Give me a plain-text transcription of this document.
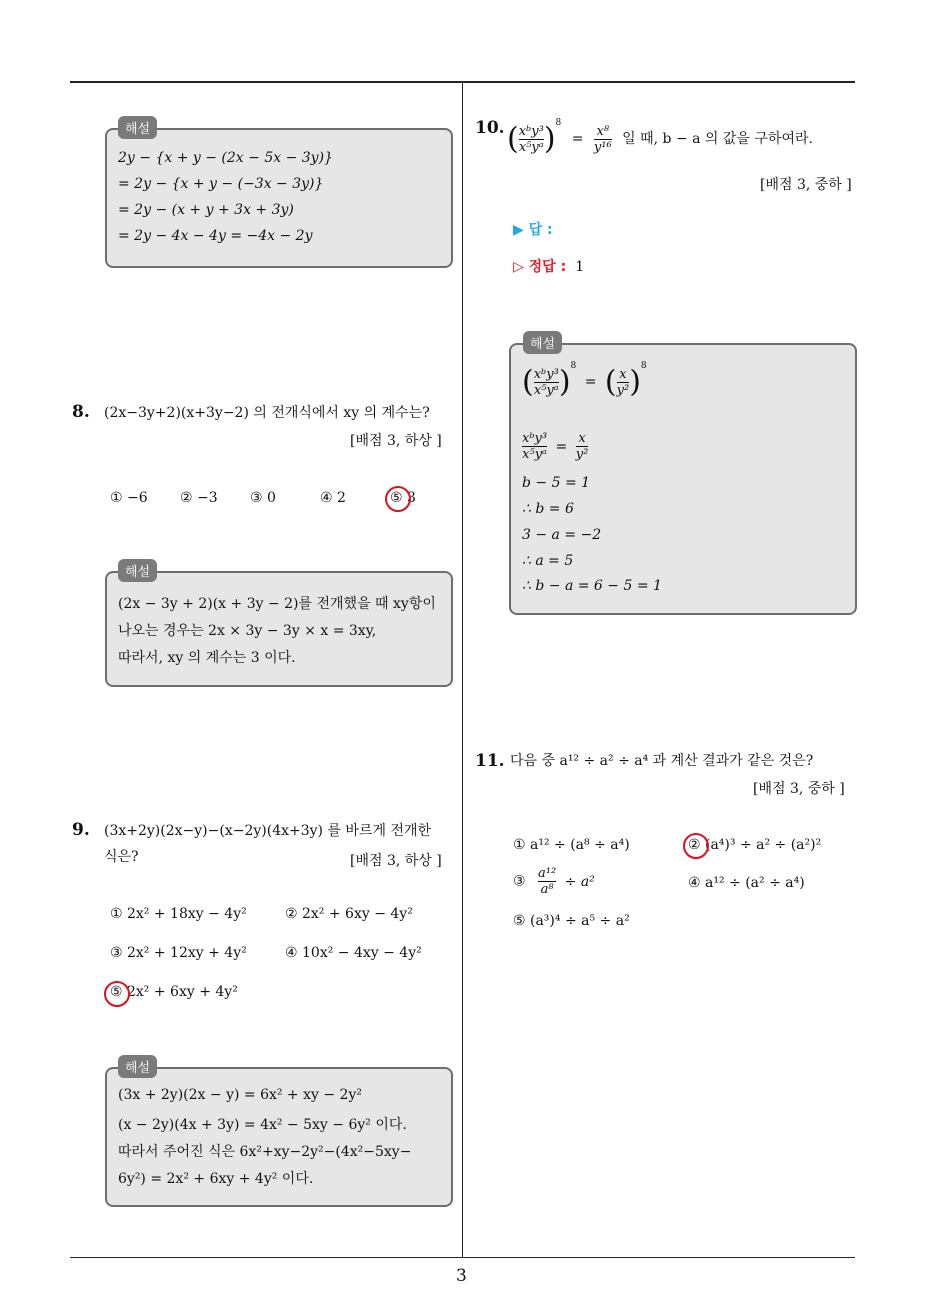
3
2y − {x + y − (2x − 5x − 3y)}
= 2y − {x + y − (−3x − 3y)}
= 2y − (x + y + 3x + 3y)
= 2y − 4x − 4y = −4x − 2y
해설
8. (2x−3y+2)(x+3y−2) 의 전개식에서 xy 의 계수는?
[배점 3, 하상 ]
① −6 ② −3 ③ 0	④ 2	⑤ 3
(2x − 3y + 2)(x + 3y − 2)를 전개했을 때 xy항이
나오는 경우는 2x × 3y − 3y × x = 3xy,
따라서, xy 의 계수는 3 이다.
해설
9. (3x+2y)(2x−y)−(x−2y)(4x+3y) 를 바르게 전개한
식은?	[배점 3, 하상 ]
① 2x² + 18xy − 4y²	② 2x² + 6xy − 4y²
③ 2x² + 12xy + 4y²	④ 10x² − 4xy − 4y²
⑤ 2x² + 6xy + 4y²
(3x + 2y)(2x − y) = 6x² + xy − 2y²
(x − 2y)(4x + 3y) = 4x² − 5xy − 6y² 이다.
따라서 주어진 식은 6x²+xy−2y²−(4x²−5xy−
6y²) = 2x² + 6xy + 4y² 이다.
해설
10. ( $\frac{\text{xᵇy³}}{\text{x⁵yᵃ}} )^8 = \frac{\text{x⁸}}{\text{y¹⁶}}$ 일 때, b − a 의 값을 구하여라.
[배점 3, 중하 ]
▶ 답 :
▷ 정답 : 1
( $\frac{\text{xᵇy³}}{\text{x⁵yᵃ}} )^8$ = ( $\frac{x}{\text{y²}} )^8$
$\frac{\text{xᵇy³}}{\text{x⁵yᵃ}} = \frac{x}{\text{y²}}$
b − 5 = 1
∴ b = 6
3 − a = −2
∴ a = 5
∴ b − a = 6 − 5 = 1
해설
11. 다음 중 a¹² ÷ a² ÷ a⁴ 과 계산 결과가 같은 것은?
[배점 3, 중하 ]
① a¹² ÷ (a⁸ ÷ a⁴)	② (a⁴)³ ÷ a² ÷ (a²)²
③ $\frac{\text{a¹²}}{\text{a⁸}} \div a^2$	④ a¹² ÷ (a² ÷ a⁴)
⑤ (a³)⁴ ÷ a⁵ ÷ a²
